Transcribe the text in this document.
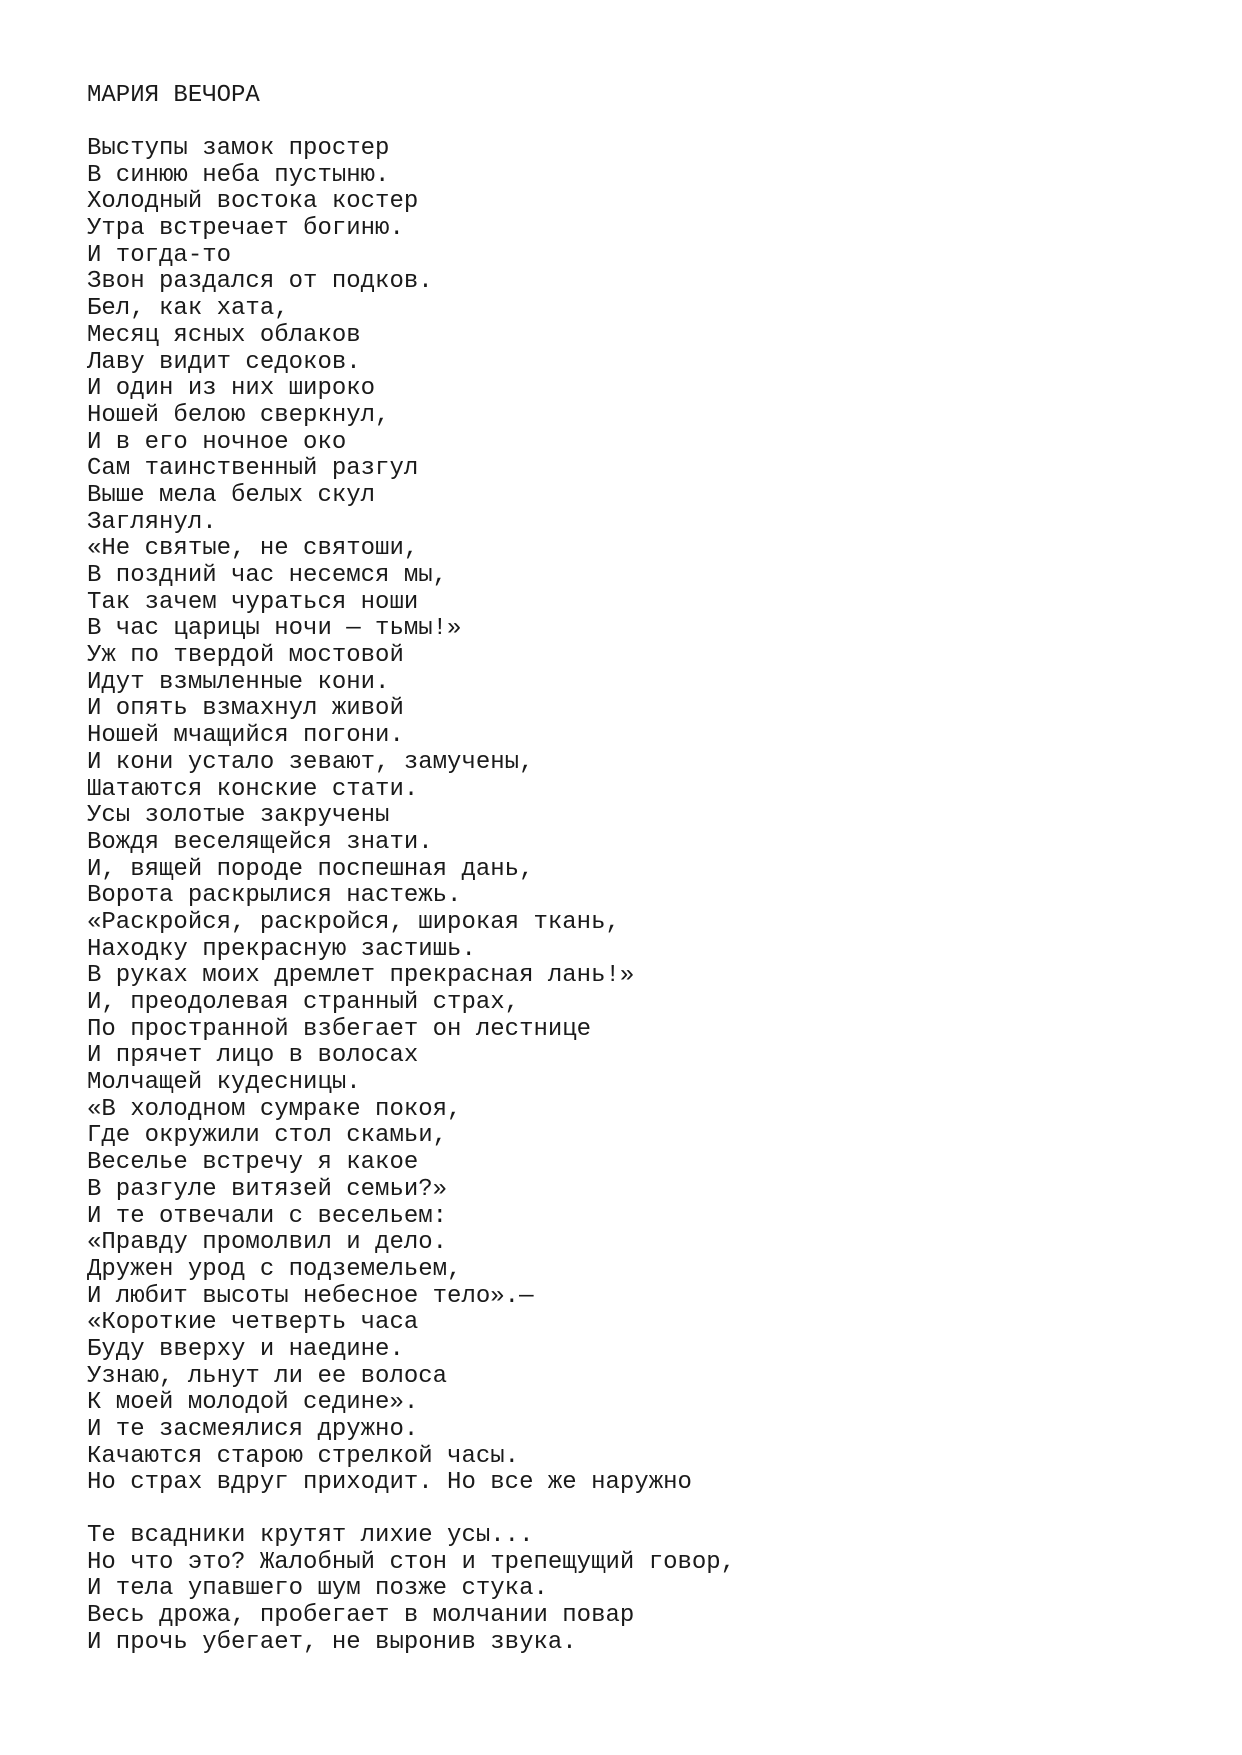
МАРИЯ ВЕЧОРА
Выступы замок простер
В синюю неба пустыню.
Холодный востока костер
Утра встречает богиню.
И тогда-то
Звон раздался от подков.
Бел, как хата,
Месяц ясных облаков
Лаву видит седоков.
И один из них широко
Ношей белою сверкнул,
И в его ночное око
Сам таинственный разгул
Выше мела белых скул
Заглянул.
«Не святые, не святоши,
В поздний час несемся мы,
Так зачем чураться ноши
В час царицы ночи — тьмы!»
Уж по твердой мостовой
Идут взмыленные кони.
И опять взмахнул живой
Ношей мчащийся погони.
И кони устало зевают, замучены,
Шатаются конские стати.
Усы золотые закручены
Вождя веселящейся знати.
И, вящей породе поспешная дань,
Ворота раскрылися настежь.
«Раскройся, раскройся, широкая ткань,
Находку прекрасную застишь.
В руках моих дремлет прекрасная лань!»
И, преодолевая странный страх,
По пространной взбегает он лестнице
И прячет лицо в волосах
Молчащей кудесницы.
«В холодном сумраке покоя,
Где окружили стол скамьи,
Веселье встречу я какое
В разгуле витязей семьи?»
И те отвечали с весельем:
«Правду промолвил и дело.
Дружен урод с подземельем,
И любит высоты небесное тело».—
«Короткие четверть часа
Буду вверху и наедине.
Узнаю, льнут ли ее волоса
К моей молодой седине».
И те засмеялися дружно.
Качаются старою стрелкой часы.
Но страх вдруг приходит. Но все же наружно
Те всадники крутят лихие усы...
Но что это? Жалобный стон и трепещущий говор,
И тела упавшего шум позже стука.
Весь дрожа, пробегает в молчании повар
И прочь убегает, не выронив звука.
